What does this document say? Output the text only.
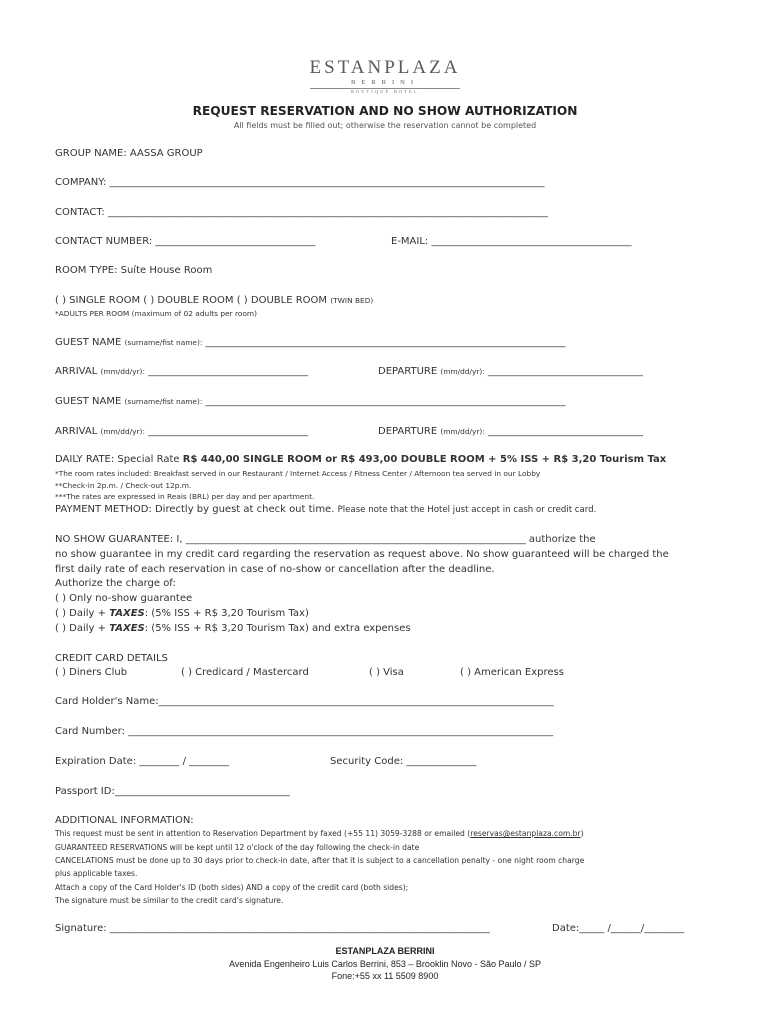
ESTANPLAZA
BERRINI
BOUTIQUE HOTEL
REQUEST RESERVATION AND NO SHOW AUTHORIZATION
All fields must be filled out; otherwise the reservation cannot be completed
GROUP NAME: AASSA GROUP
COMPANY: _______________________________________________________________________________________
CONTACT: ________________________________________________________________________________________
CONTACT NUMBER: ________________________________	E-MAIL: ________________________________________
ROOM TYPE: Suíte House Room
( ) SINGLE ROOM ( ) DOUBLE ROOM ( ) DOUBLE ROOM (TWIN BED)
*ADULTS PER ROOM (maximum of 02 adults per room)
GUEST NAME (surname/fist name): ________________________________________________________________________
ARRIVAL (mm/dd/yr): ________________________________	DEPARTURE (mm/dd/yr): _______________________________
GUEST NAME (surname/fist name): ________________________________________________________________________
ARRIVAL (mm/dd/yr): ________________________________	DEPARTURE (mm/dd/yr): _______________________________
DAILY RATE: Special Rate R$ 440,00 SINGLE ROOM or R$ 493,00 DOUBLE ROOM + 5% ISS + R$ 3,20 Tourism Tax
*The room rates included: Breakfast served in our Restaurant / Internet Access / Fitness Center / Afternoon tea served in our Lobby
**Check-in 2p.m. / Check-out 12p.m.
***The rates are expressed in Reais (BRL) per day and per apartment.
PAYMENT METHOD: Directly by guest at check out time. Please note that the Hotel just accept in cash or credit card.
NO SHOW GUARANTEE: I, ____________________________________________________________________ authorize the
no show guarantee in my credit card regarding the reservation as request above. No show guaranteed will be charged the
first daily rate of each reservation in case of no-show or cancellation after the deadline.
Authorize the charge of:
( ) Only no-show guarantee
( ) Daily + TAXES: (5% ISS + R$ 3,20 Tourism Tax)
( ) Daily + TAXES: (5% ISS + R$ 3,20 Tourism Tax) and extra expenses
CREDIT CARD DETAILS
( ) Diners Club	( ) Credicard / Mastercard	( ) Visa	( ) American Express
Card Holder's Name:_______________________________________________________________________________
Card Number: _____________________________________________________________________________________
Expiration Date: ________ / ________	Security Code: ______________
Passport ID:___________________________________
ADDITIONAL INFORMATION:
This request must be sent in attention to Reservation Department by faxed (+55 11) 3059-3288 or emailed (reservas@estanplaza.com.br)
GUARANTEED RESERVATIONS will be kept until 12 o'clock of the day following the check-in date
CANCELATIONS must be done up to 30 days prior to check-in date, after that it is subject to a cancellation penalty - one night room charge
plus applicable taxes.
Attach a copy of the Card Holder's ID (both sides) AND a copy of the credit card (both sides);
The signature must be similar to the credit card's signature.
Signature: ____________________________________________________________________________	Date:_____ /______/________
ESTANPLAZA BERRINI
Avenida Engenheiro Luis Carlos Berrini, 853 – Brooklin Novo - São Paulo / SP
Fone:+55 xx 11 5509 8900
